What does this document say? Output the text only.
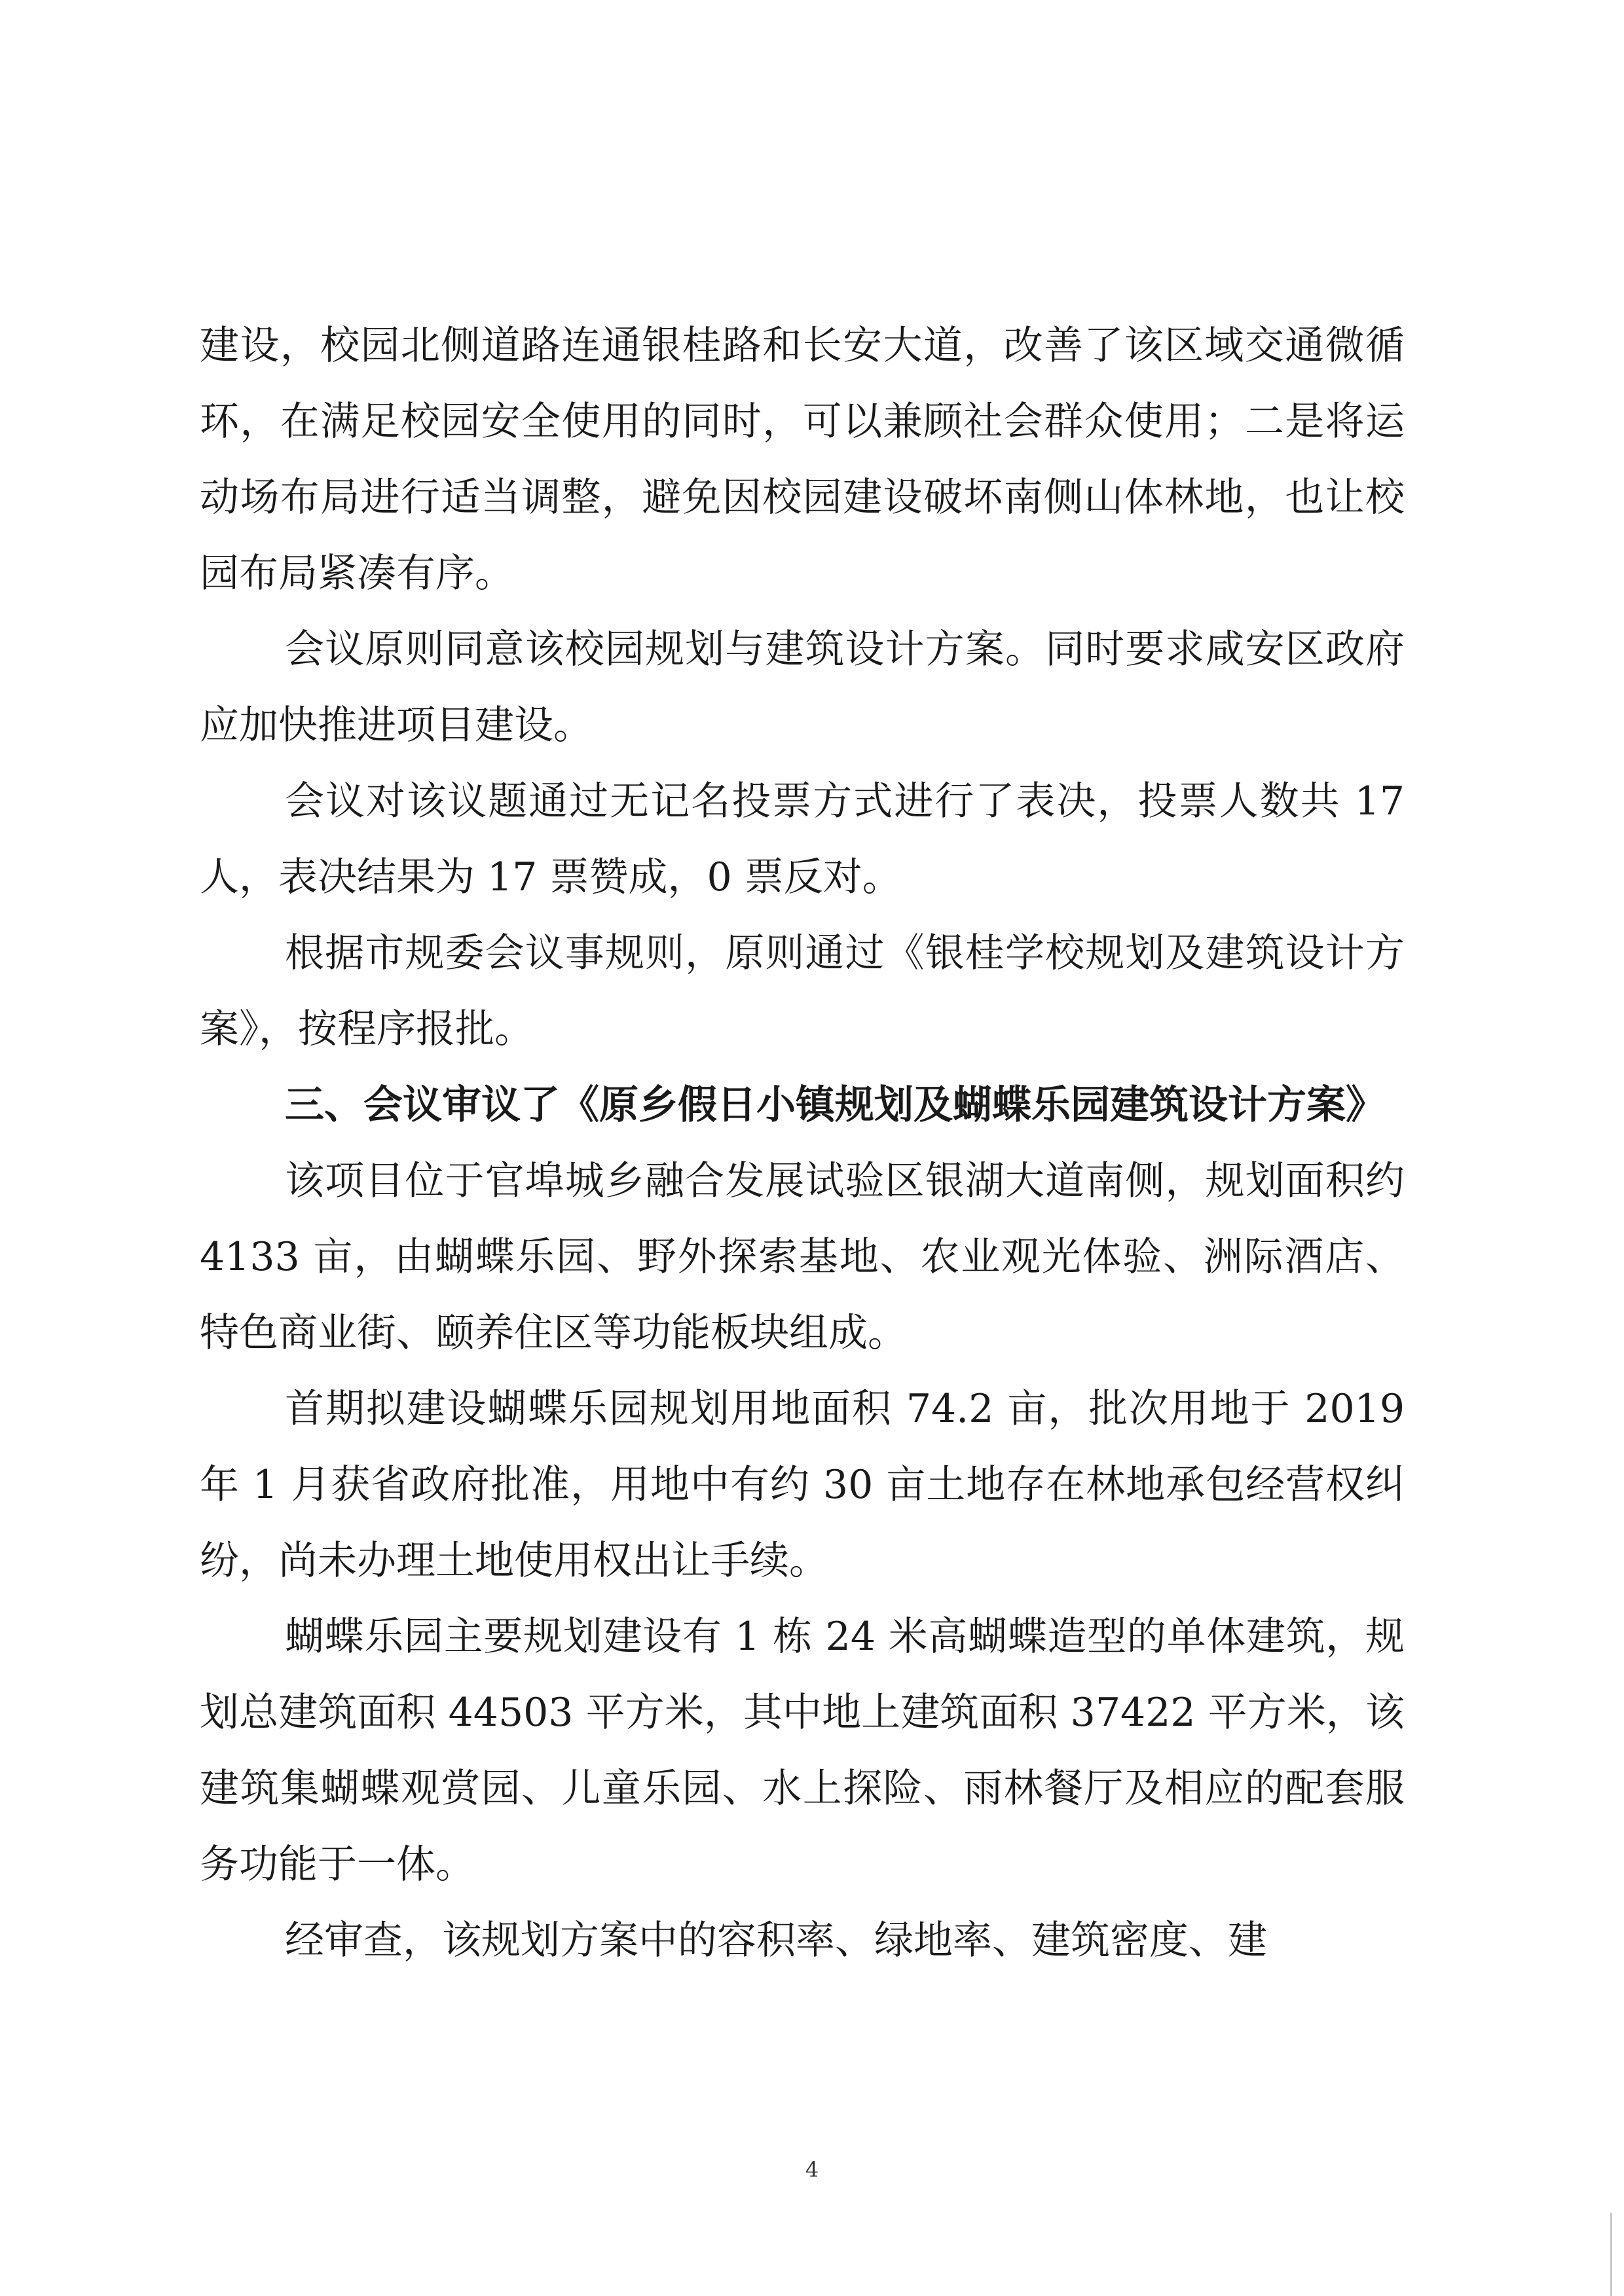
建设，校园北侧道路连通银桂路和长安大道，改善了该区域交通微循环，在满足校园安全使用的同时，可以兼顾社会群众使用；二是将运动场布局进行适当调整，避免因校园建设破坏南侧山体林地，也让校园布局紧凑有序。

会议原则同意该校园规划与建筑设计方案。同时要求咸安区政府应加快推进项目建设。

会议对该议题通过无记名投票方式进行了表决，投票人数共 17 人，表决结果为 17 票赞成，0 票反对。

根据市规委会议事规则，原则通过《银桂学校规划及建筑设计方案》，按程序报批。

三、会议审议了《原乡假日小镇规划及蝴蝶乐园建筑设计方案》

该项目位于官埠城乡融合发展试验区银湖大道南侧，规划面积约 4133 亩，由蝴蝶乐园、野外探索基地、农业观光体验、洲际酒店、特色商业街、颐养住区等功能板块组成。

首期拟建设蝴蝶乐园规划用地面积 74.2 亩，批次用地于 2019 年 1 月获省政府批准，用地中有约 30 亩土地存在林地承包经营权纠纷，尚未办理土地使用权出让手续。

蝴蝶乐园主要规划建设有 1 栋 24 米高蝴蝶造型的单体建筑，规划总建筑面积 44503 平方米，其中地上建筑面积 37422 平方米，该建筑集蝴蝶观赏园、儿童乐园、水上探险、雨林餐厅及相应的配套服务功能于一体。

经审查，该规划方案中的容积率、绿地率、建筑密度、建

4
